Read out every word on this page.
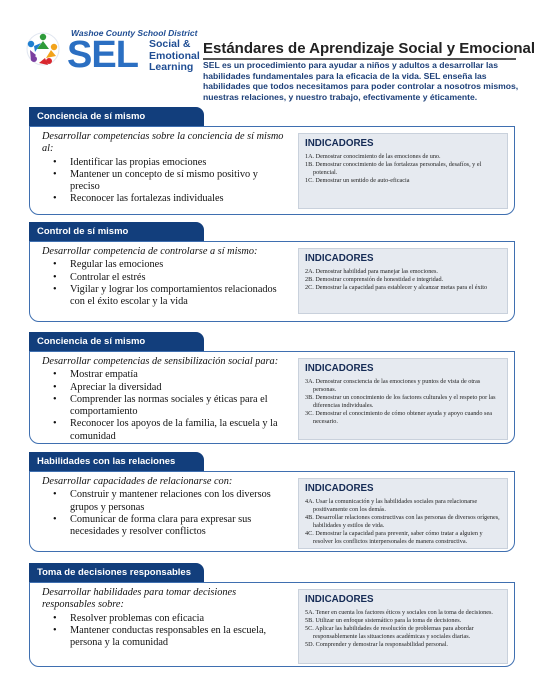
Washoe County School District
SEL Social &
Emotional
Learning
Estándares de Aprendizaje Social y Emocional
SEL es un procedimiento para ayudar a niños y adultos a desarrollar las habilidades fundamentales para la eficacia de la vida. SEL enseña las habilidades que todos necesitamos para poder controlar a nosotros mismos, nuestras relaciones, y nuestro trabajo, efectivamente y éticamente.
Conciencia de sí mismo

Desarrollar competencias sobre la conciencia de sí mismo al:

• Identificar las propias emociones
• Mantener un concepto de sí mismo positivo y preciso
• Reconocer las fortalezas individuales
INDICADORES

1A. Demostrar conocimiento de las emociones de uno.

1B. Demostrar conocimiento de las fortalezas personales, desafíos, y el potencial.

1C. Demostrar un sentido de auto-eficacia

Control de sí mismo

Desarrollar competencia de controlarse a sí mismo:

• Regular las emociones
• Controlar el estrés
• Vigilar y lograr los comportamientos relacionados con el éxito escolar y la vida
INDICADORES

2A. Demostrar habilidad para manejar las emociones.

2B. Demostrar comprensión de honestidad e integridad.

2C. Demostrar la capacidad para establecer y alcanzar metas para el éxito

Conciencia de sí mismo

Desarrollar competencias de sensibilización social para:

• Mostrar empatía
• Apreciar la diversidad
• Comprender las normas sociales y éticas para el comportamiento
• Reconocer los apoyos de la familia, la escuela y la comunidad
INDICADORES

3A. Demostrar consciencia de las emociones y puntos de vista de otras personas.

3B. Demostrar un conocimiento de los factores culturales y el respeto por las diferencias individuales.

3C. Demostrar el conocimiento de cómo obtener ayuda y apoyo cuando sea necesario.

Habilidades con las relaciones

Desarrollar capacidades de relacionarse con:

• Construir y mantener relaciones con los diversos grupos y personas
• Comunicar de forma clara para expresar sus necesidades y resolver conflictos
INDICADORES

4A. Usar la comunicación y las habilidades sociales para relacionarse positivamente con los demás.

4B. Desarrollar relaciones constructivas con las personas de diversos orígenes, habilidades y estilos de vida.

4C. Demostrar la capacidad para prevenir, saber cómo tratar a alguien y resolver los conflictos interpersonales de manera constructiva.

Toma de decisiones responsables

Desarrollar habilidades para tomar decisiones responsables sobre:

• Resolver problemas con eficacia
• Mantener conductas responsables en la escuela, persona y la comunidad
INDICADORES

5A. Tener en cuenta los factores éticos y sociales con la toma de decisiones.

5B. Utilizar un enfoque sistemático para la toma de decisiones.

5C. Aplicar las habilidades de resolución de problemas para abordar responsablemente las situaciones académicas y sociales diarias.

5D. Comprender y demostrar la responsabilidad personal.
